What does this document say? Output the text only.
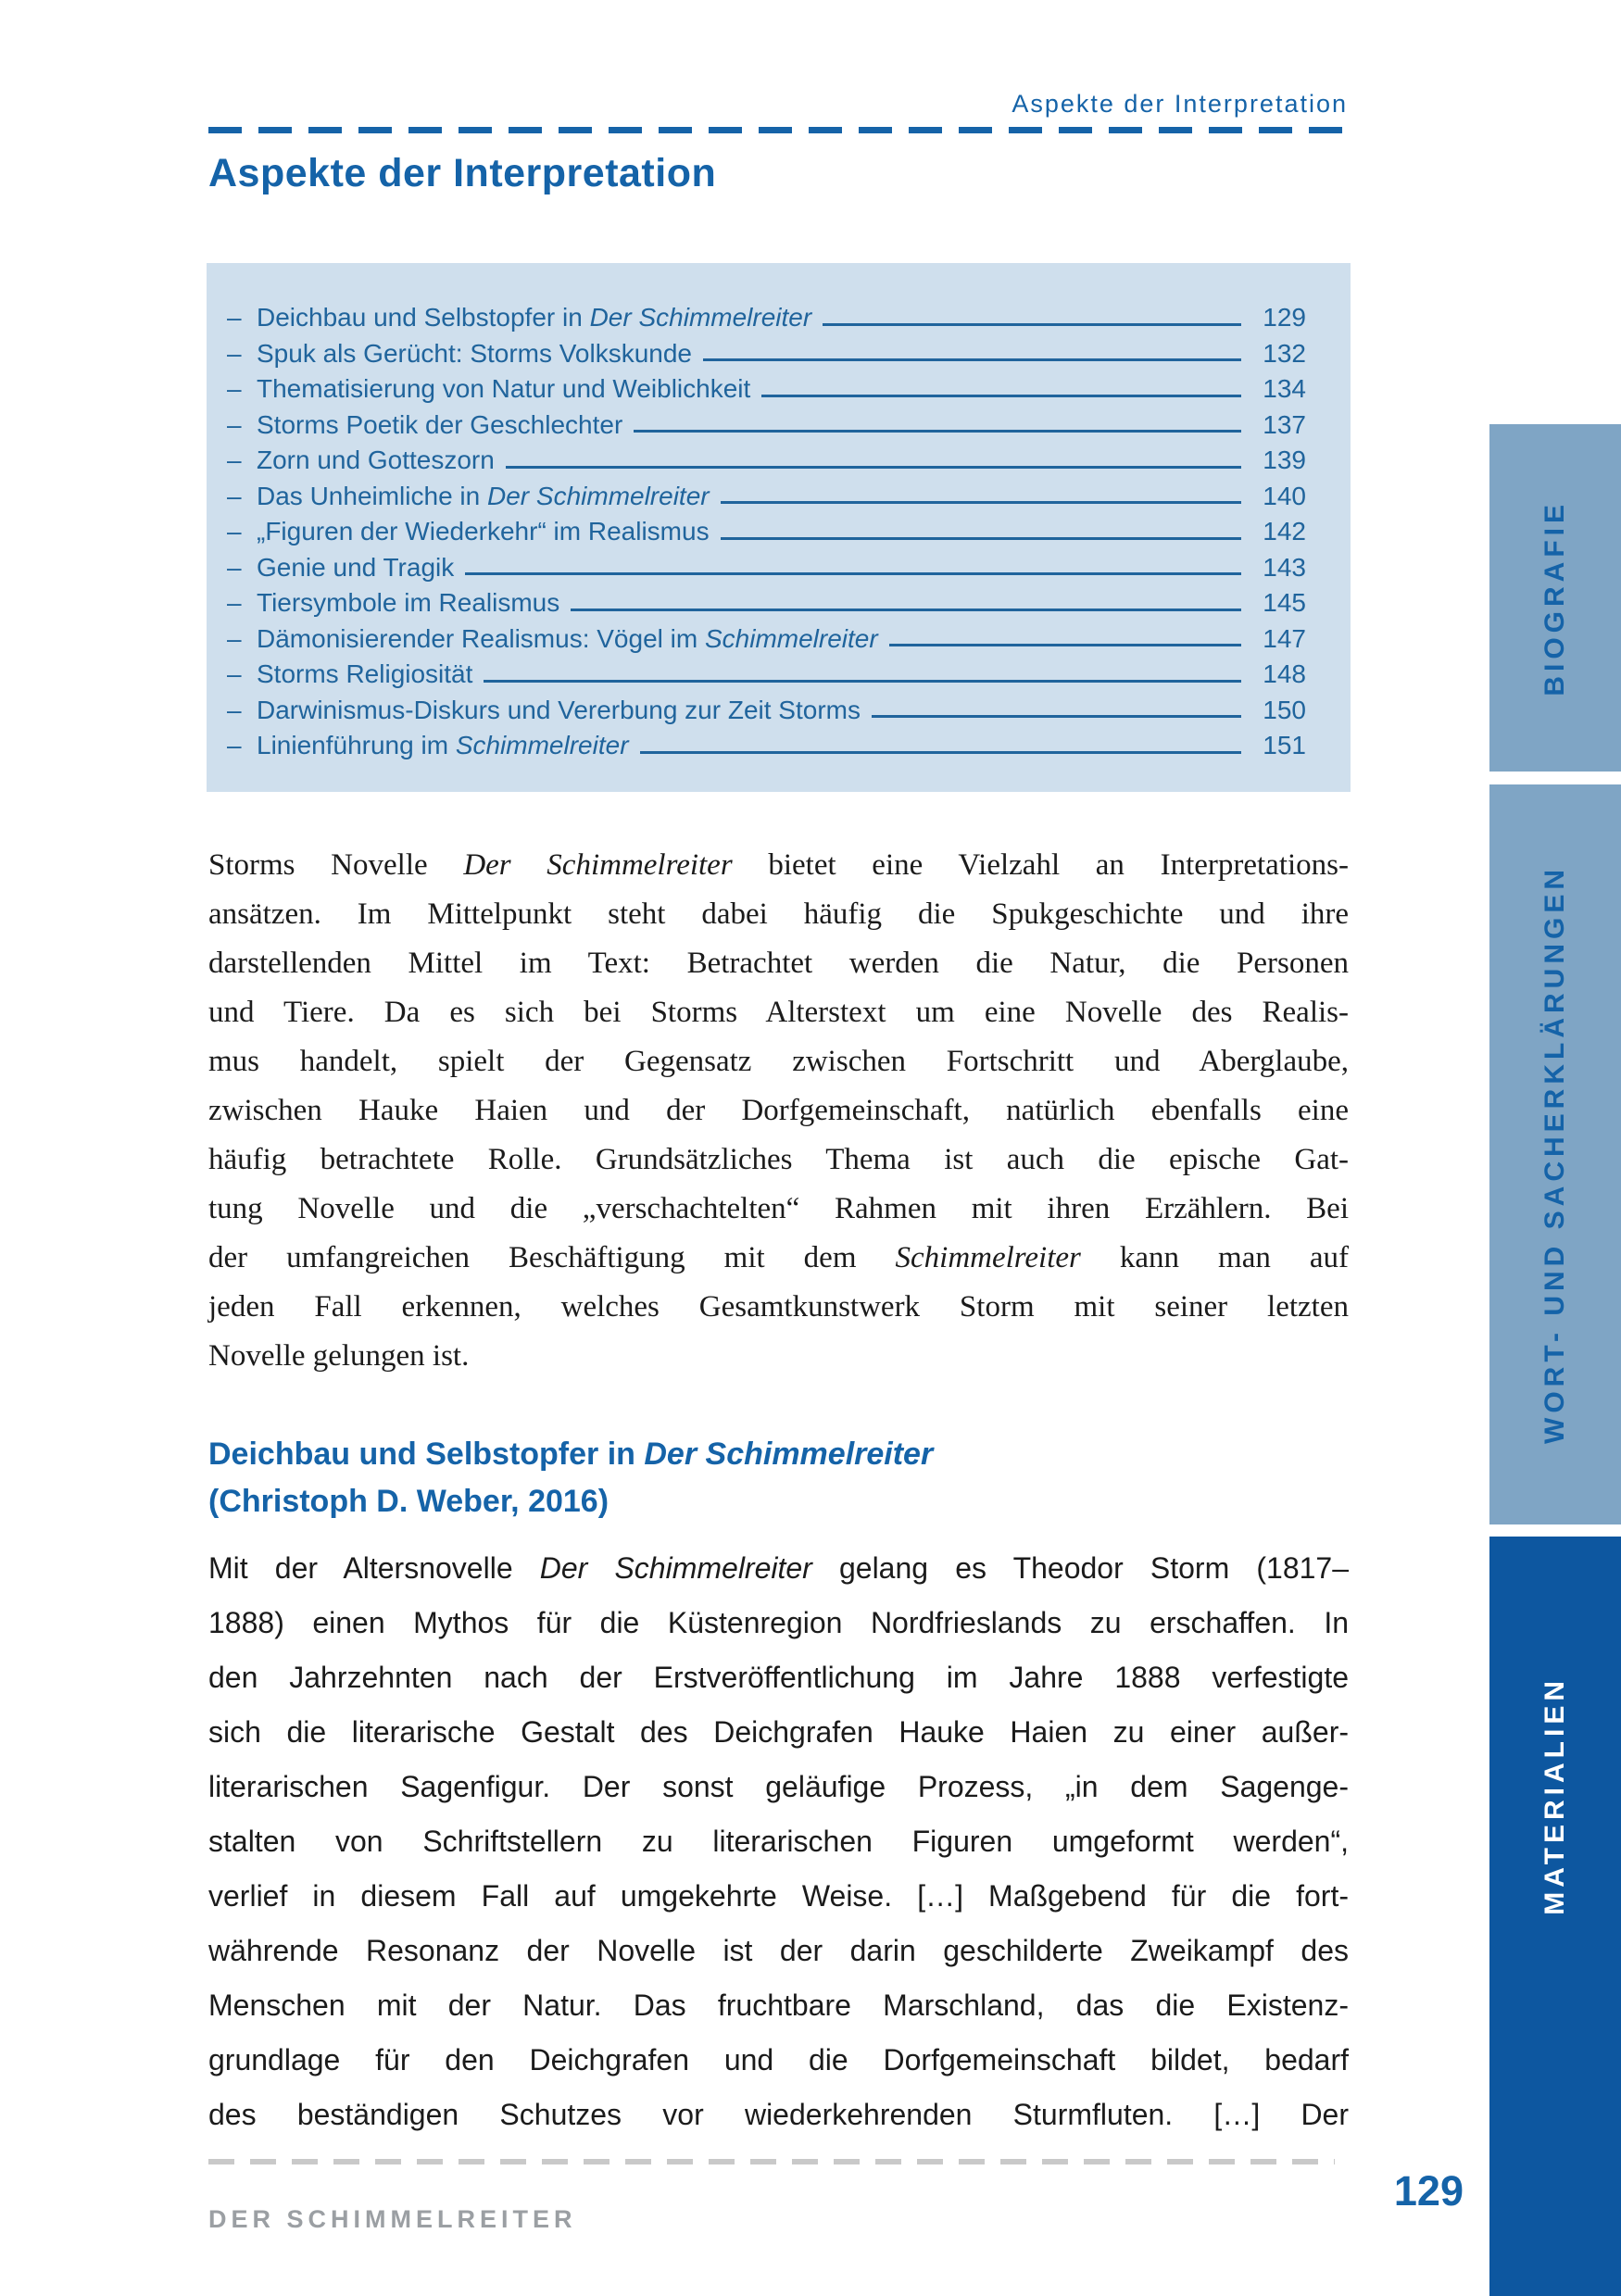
Aspekte der Interpretation
Aspekte der Interpretation
– Deichbau und Selbstopfer in Der Schimmelreiter	129
– Spuk als Gerücht: Storms Volkskunde	132
– Thematisierung von Natur und Weiblichkeit	134
– Storms Poetik der Geschlechter	137
– Zorn und Gotteszorn	139
– Das Unheimliche in Der Schimmelreiter	140
– „Figuren der Wiederkehr“ im Realismus	142
– Genie und Tragik	143
– Tiersymbole im Realismus	145
– Dämonisierender Realismus: Vögel im Schimmelreiter	147
– Storms Religiosität	148
– Darwinismus-Diskurs und Vererbung zur Zeit Storms	150
– Linienführung im Schimmelreiter	151
Storms Novelle Der Schimmelreiter bietet eine Vielzahl an Interpretations-
ansätzen. Im Mittelpunkt steht dabei häufig die Spukgeschichte und ihre
darstellenden Mittel im Text: Betrachtet werden die Natur, die Personen
und Tiere. Da es sich bei Storms Alterstext um eine Novelle des Realis-
mus handelt, spielt der Gegensatz zwischen Fortschritt und Aberglaube,
zwischen Hauke Haien und der Dorfgemeinschaft, natürlich ebenfalls eine
häufig betrachtete Rolle. Grundsätzliches Thema ist auch die epische Gat-
tung Novelle und die „verschachtelten“ Rahmen mit ihren Erzählern. Bei
der umfangreichen Beschäftigung mit dem Schimmelreiter kann man auf
jeden Fall erkennen, welches Gesamtkunstwerk Storm mit seiner letzten
Novelle gelungen ist.
Deichbau und Selbstopfer in Der Schimmelreiter
(Christoph D. Weber, 2016)
Mit der Altersnovelle Der Schimmelreiter gelang es Theodor Storm (1817–
1888) einen Mythos für die Küstenregion Nordfrieslands zu erschaffen. In
den Jahrzehnten nach der Erstveröffentlichung im Jahre 1888 verfestigte
sich die literarische Gestalt des Deichgrafen Hauke Haien zu einer außer-
literarischen Sagenfigur. Der sonst geläufige Prozess, „in dem Sagenge-
stalten von Schriftstellern zu literarischen Figuren umgeformt werden“,
verlief in diesem Fall auf umgekehrte Weise. […] Maßgebend für die fort-
währende Resonanz der Novelle ist der darin geschilderte Zweikampf des
Menschen mit der Natur. Das fruchtbare Marschland, das die Existenz-
grundlage für den Deichgrafen und die Dorfgemeinschaft bildet, bedarf
des beständigen Schutzes vor wiederkehrenden Sturmfluten. […] Der
BIOGRAFIE
WORT- UND SACHERKLÄRUNGEN
MATERIALIEN
DER SCHIMMELREITER
129
